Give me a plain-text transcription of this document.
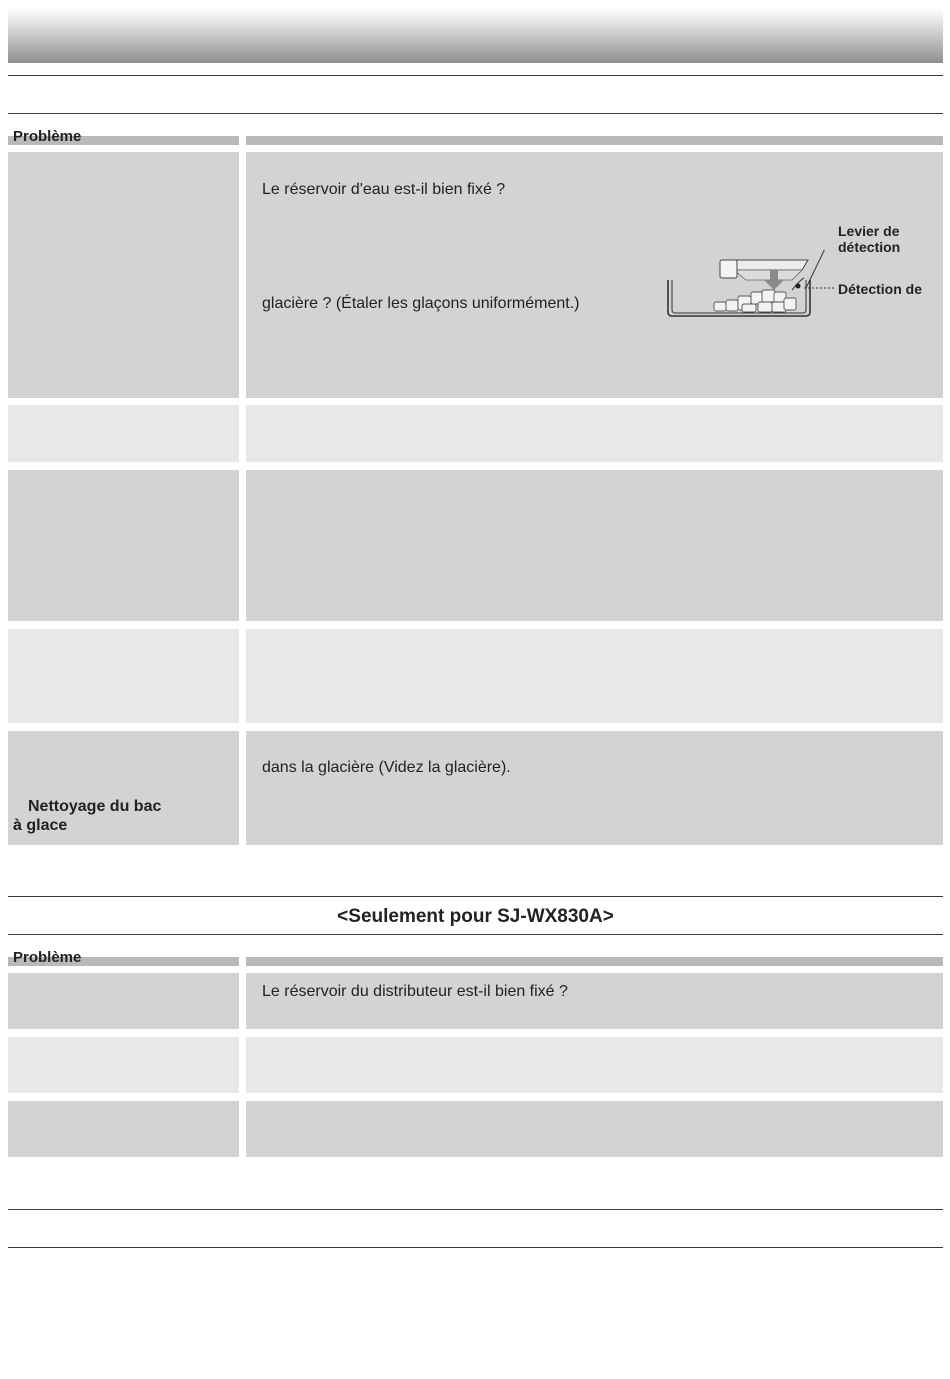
Problème
Le réservoir d'eau est-il bien fixé ?
glacière ? (Étaler les glaçons uniformément.)
Levier de
détection
Détection de
dans la glacière (Videz la glacière).
Nettoyage du bac
à glace
<Seulement pour SJ-WX830A>
Problème
Le réservoir du distributeur est-il bien fixé ?
